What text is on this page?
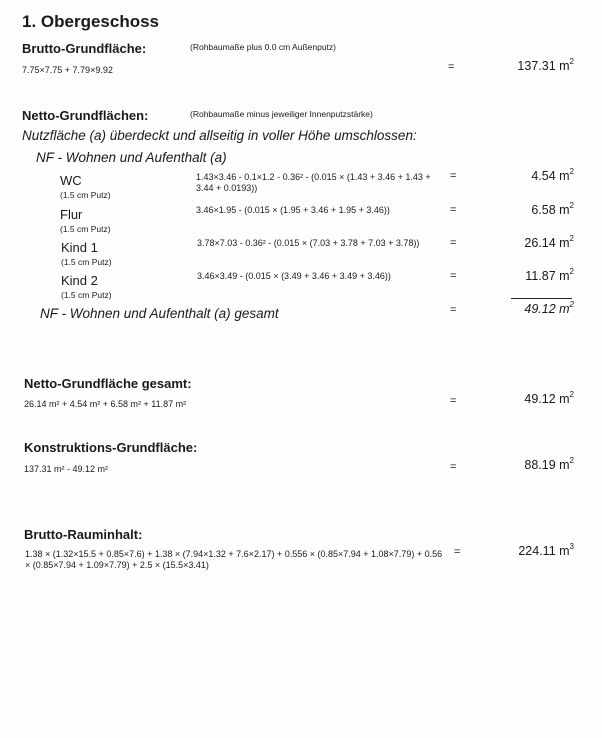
1. Obergeschoss
Brutto-Grundfläche:	(Rohbaumaße plus 0.0 cm Außenputz)
7.75×7.75 + 7.79×9.92	=	137.31 $m^2$
Netto-Grundflächen:	(Rohbaumaße minus jeweiliger Innenputzstärke)
Nutzfläche (a) überdeckt und allseitig in voller Höhe umschlossen:
NF - Wohnen und Aufenthalt (a)
WC
(1.5 cm Putz)
1.43×3.46 - 0.1×1.2 - 0.36² - (0.015 × (1.43 + 3.46 + 1.43 + 3.44 + 0.0193))
=	4.54 $m^2$
Flur
(1.5 cm Putz)
3.46×1.95 - (0.015 × (1.95 + 3.46 + 1.95 + 3.46))	=	6.58 $m^2$
Kind 1
(1.5 cm Putz)
3.78×7.03 - 0.36² - (0.015 × (7.03 + 3.78 + 7.03 + 3.78))	=	26.14 $m^2$
Kind 2
(1.5 cm Putz)
3.46×3.49 - (0.015 × (3.49 + 3.46 + 3.49 + 3.46))	=	11.87 $m^2$
NF - Wohnen und Aufenthalt (a) gesamt	=	49.12 $m^2$
Netto-Grundfläche gesamt:
26.14 m² + 4.54 m² + 6.58 m² + 11.87 m²	=	49.12 $m^2$
Konstruktions-Grundfläche:
137.31 m² - 49.12 m²	=	88.19 $m^2$
Brutto-Rauminhalt:
1.38 × (1.32×15.5 + 0.85×7.6) + 1.38 × (7.94×1.32 + 7.6×2.17) + 0.556 × (0.85×7.94 + 1.08×7.79) + 0.56 × (0.85×7.94 + 1.09×7.79) + 2.5 × (15.5×3.41)
=	224.11 $m^3$
